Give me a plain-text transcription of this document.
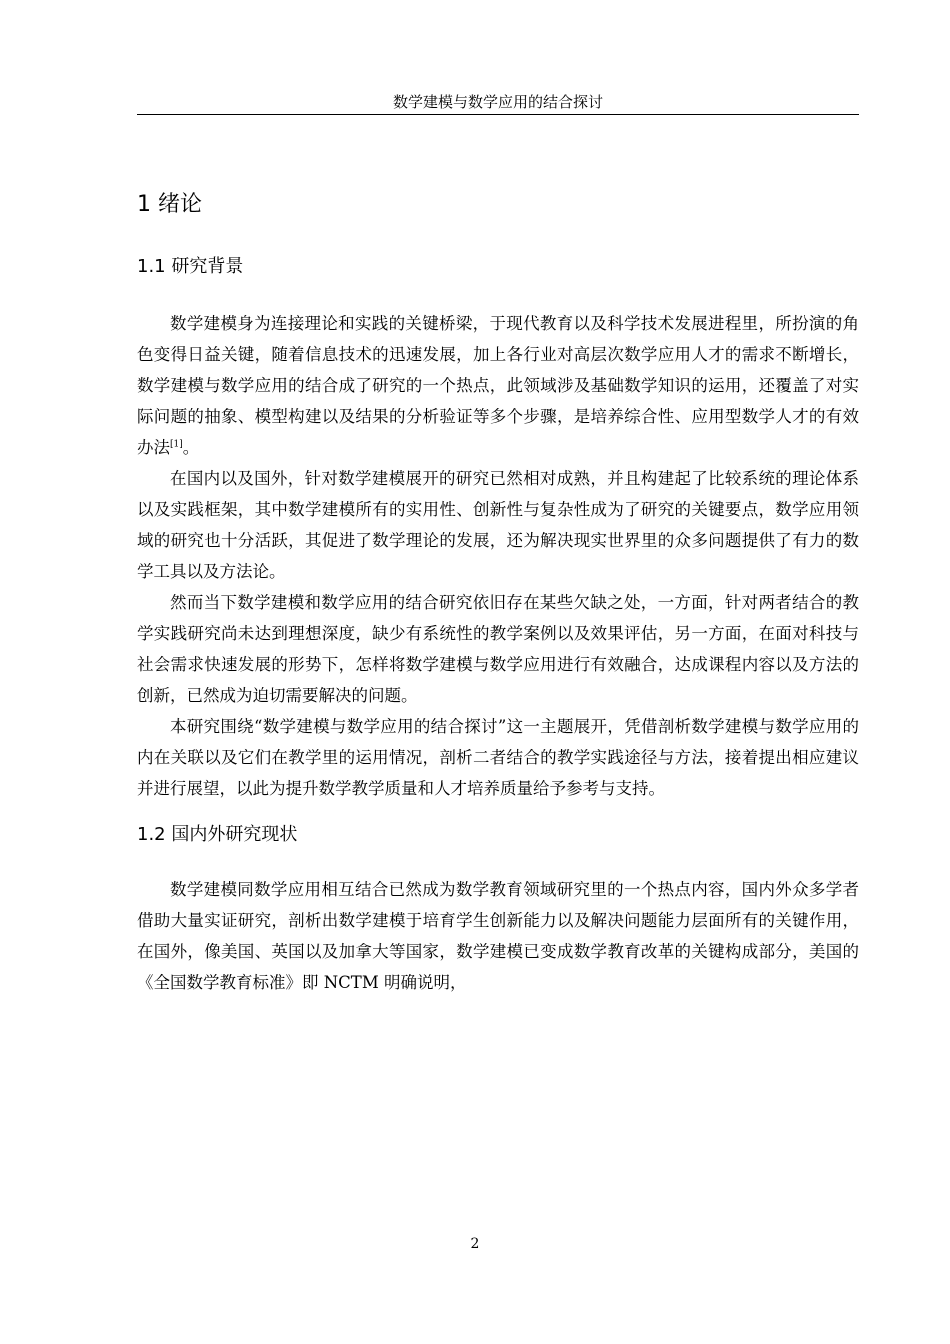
数学建模与数学应用的结合探讨
1 绪论
1.1 研究背景

数学建模身为连接理论和实践的关键桥梁，于现代教育以及科学技术发展进程里，所扮演的角色变得日益关键，随着信息技术的迅速发展，加上各行业对高层次数学应用人才的需求不断增长，数学建模与数学应用的结合成了研究的一个热点，此领域涉及基础数学知识的运用，还覆盖了对实际问题的抽象、模型构建以及结果的分析验证等多个步骤，是培养综合性、应用型数学人才的有效办法[1]。

在国内以及国外，针对数学建模展开的研究已然相对成熟，并且构建起了比较系统的理论体系以及实践框架，其中数学建模所有的实用性、创新性与复杂性成为了研究的关键要点，数学应用领域的研究也十分活跃，其促进了数学理论的发展，还为解决现实世界里的众多问题提供了有力的数学工具以及方法论。

然而当下数学建模和数学应用的结合研究依旧存在某些欠缺之处，一方面，针对两者结合的教学实践研究尚未达到理想深度，缺少有系统性的教学案例以及效果评估，另一方面，在面对科技与社会需求快速发展的形势下，怎样将数学建模与数学应用进行有效融合，达成课程内容以及方法的创新，已然成为迫切需要解决的问题。

本研究围绕“数学建模与数学应用的结合探讨”这一主题展开，凭借剖析数学建模与数学应用的内在关联以及它们在教学里的运用情况，剖析二者结合的教学实践途径与方法，接着提出相应建议并进行展望，以此为提升数学教学质量和人才培养质量给予参考与支持。

1.2 国内外研究现状

数学建模同数学应用相互结合已然成为数学教育领域研究里的一个热点内容，国内外众多学者借助大量实证研究，剖析出数学建模于培育学生创新能力以及解决问题能力层面所有的关键作用，在国外，像美国、英国以及加拿大等国家，数学建模已变成数学教育改革的关键构成部分，美国的《全国数学教育标准》即 NCTM 明确说明，

2
